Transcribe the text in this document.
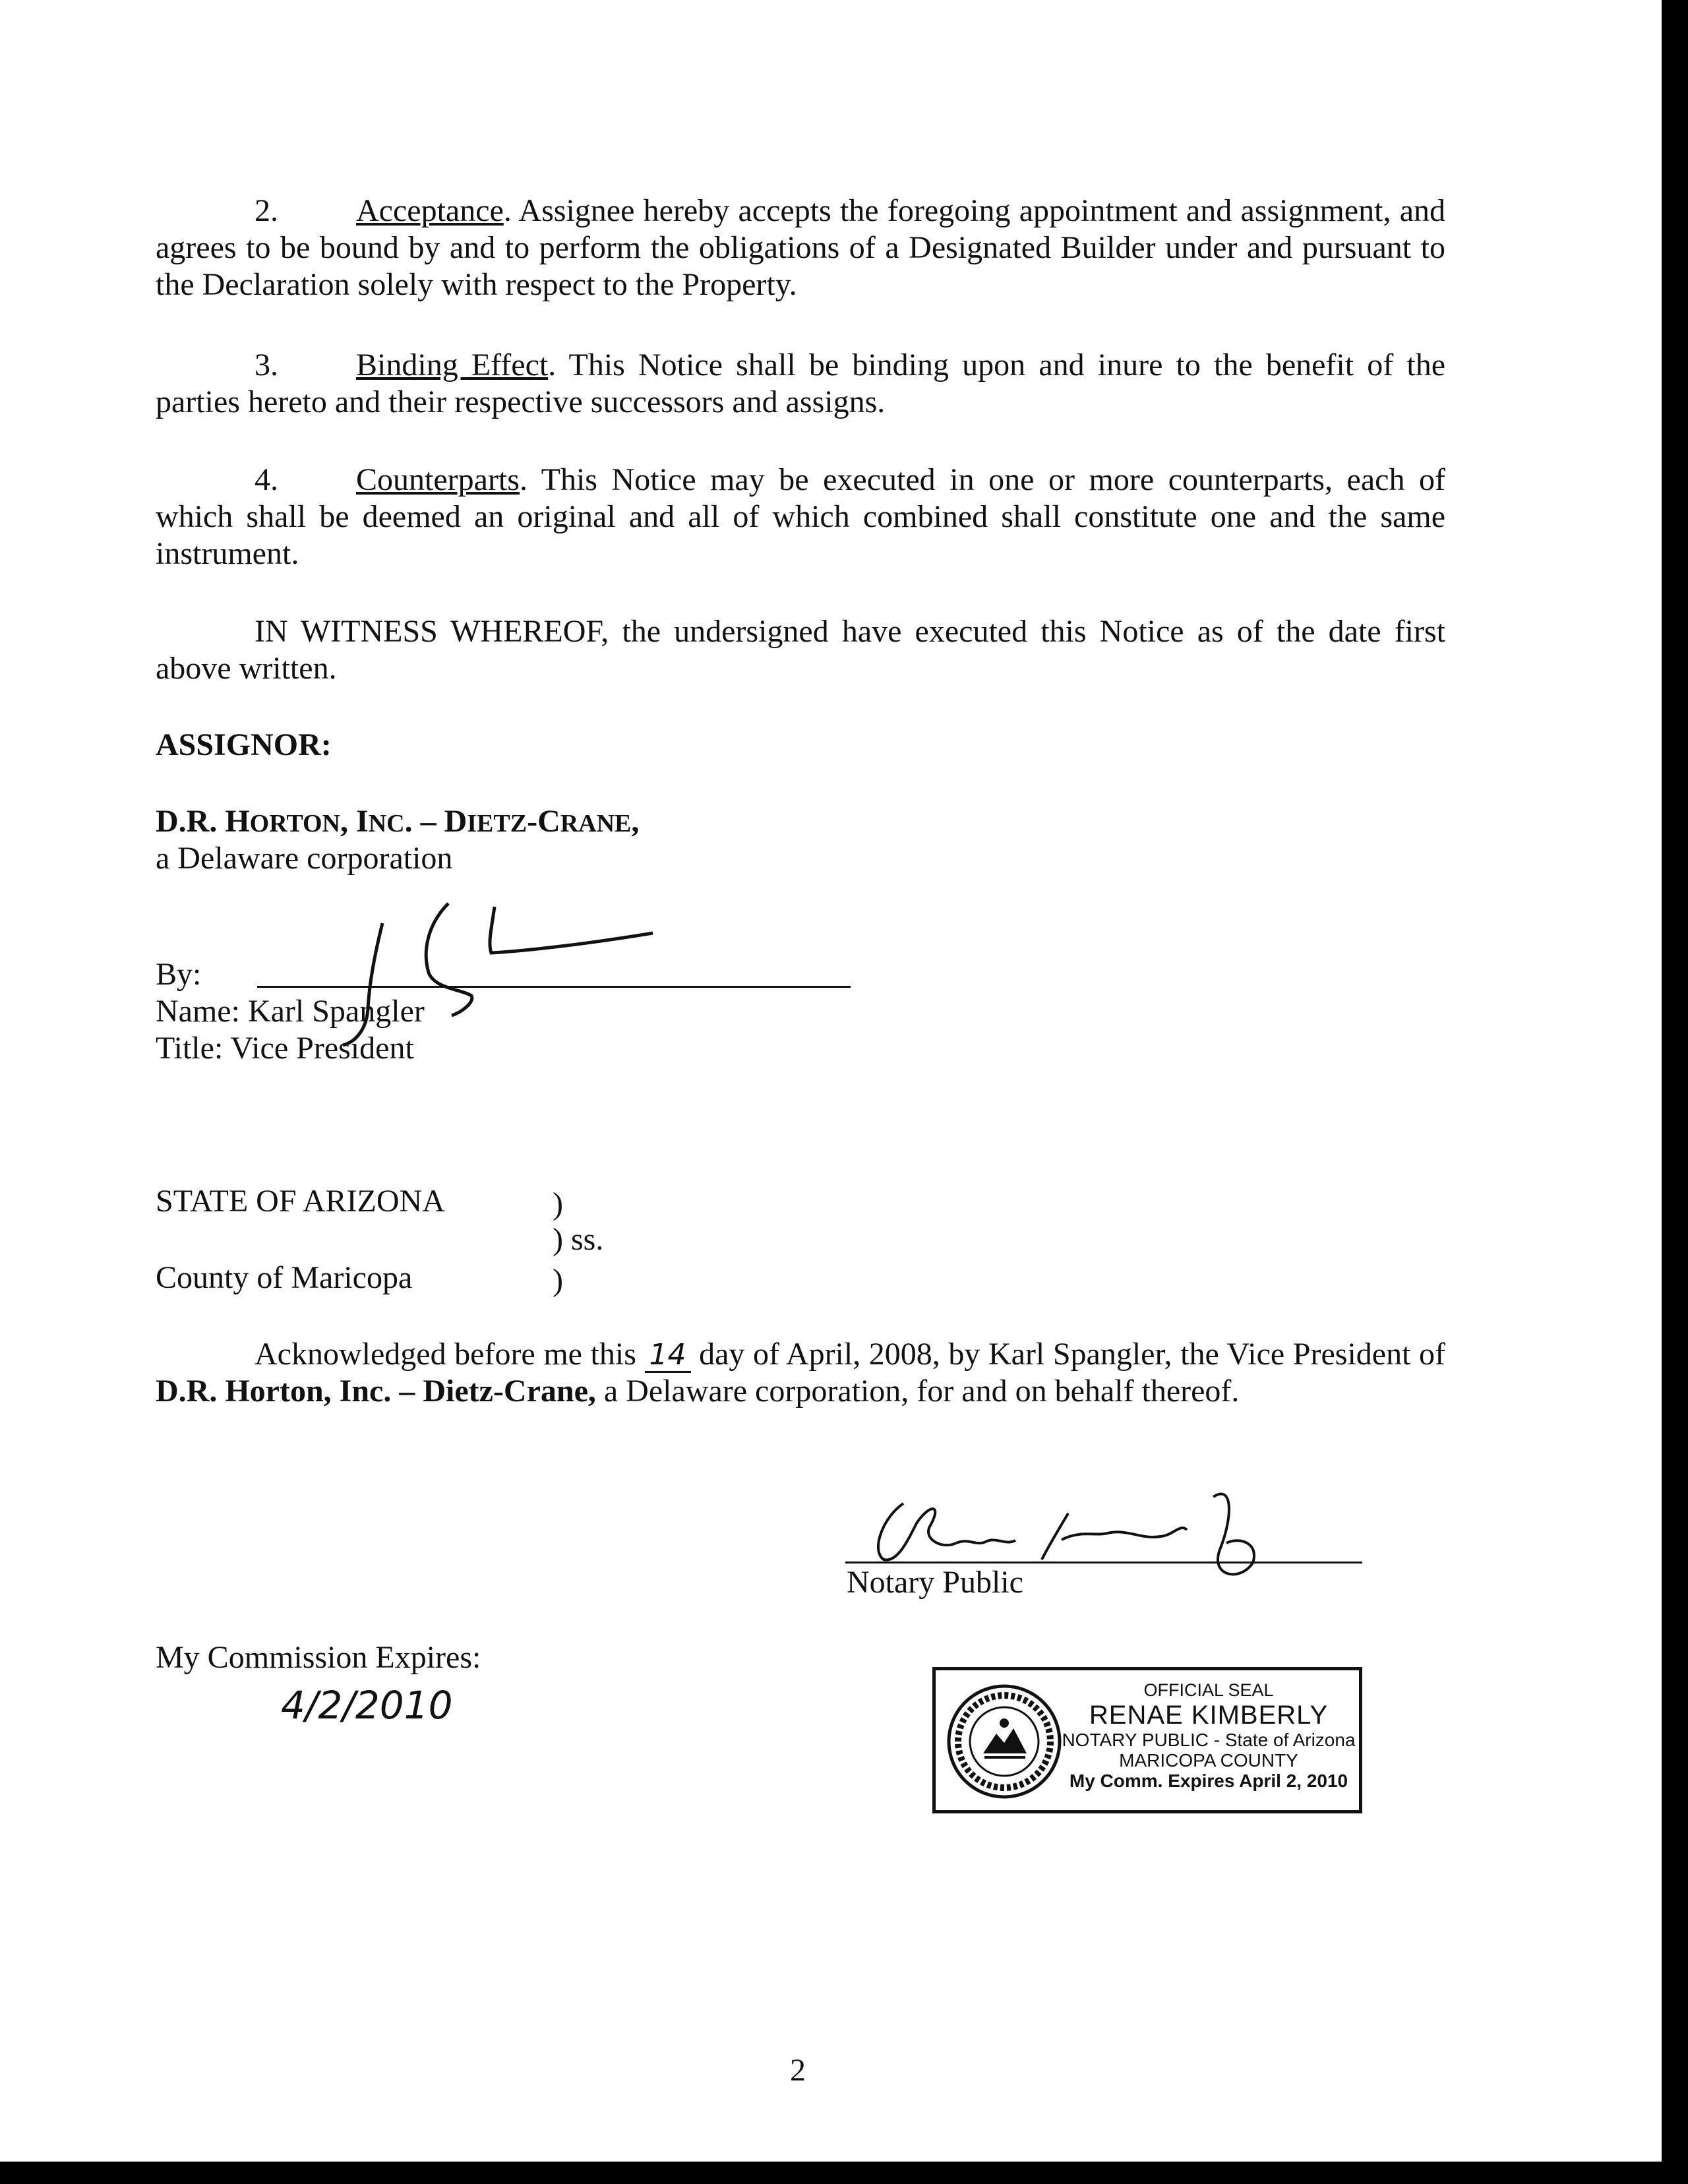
2. Acceptance. Assignee hereby accepts the foregoing appointment and assignment, and agrees to be bound by and to perform the obligations of a Designated Builder under and pursuant to the Declaration solely with respect to the Property.
3. Binding Effect. This Notice shall be binding upon and inure to the benefit of the parties hereto and their respective successors and assigns.
4. Counterparts. This Notice may be executed in one or more counterparts, each of which shall be deemed an original and all of which combined shall constitute one and the same instrument.
IN WITNESS WHEREOF, the undersigned have executed this Notice as of the date first above written.
ASSIGNOR:
D.R. HORTON, INC. – DIETZ-CRANE,
a Delaware corporation
By:
Name: Karl Spangler
Title: Vice President
STATE OF ARIZONA	)
) ss.
County of Maricopa	)
Acknowledged before me this 14 day of April, 2008, by Karl Spangler, the Vice President of D.R. Horton, Inc. – Dietz-Crane, a Delaware corporation, for and on behalf thereof.
Notary Public
My Commission Expires:
4/2/2010	OFFICIAL SEAL
RENAE KIMBERLY
NOTARY PUBLIC - State of Arizona
MARICOPA COUNTY
My Comm. Expires April 2, 2010
2
